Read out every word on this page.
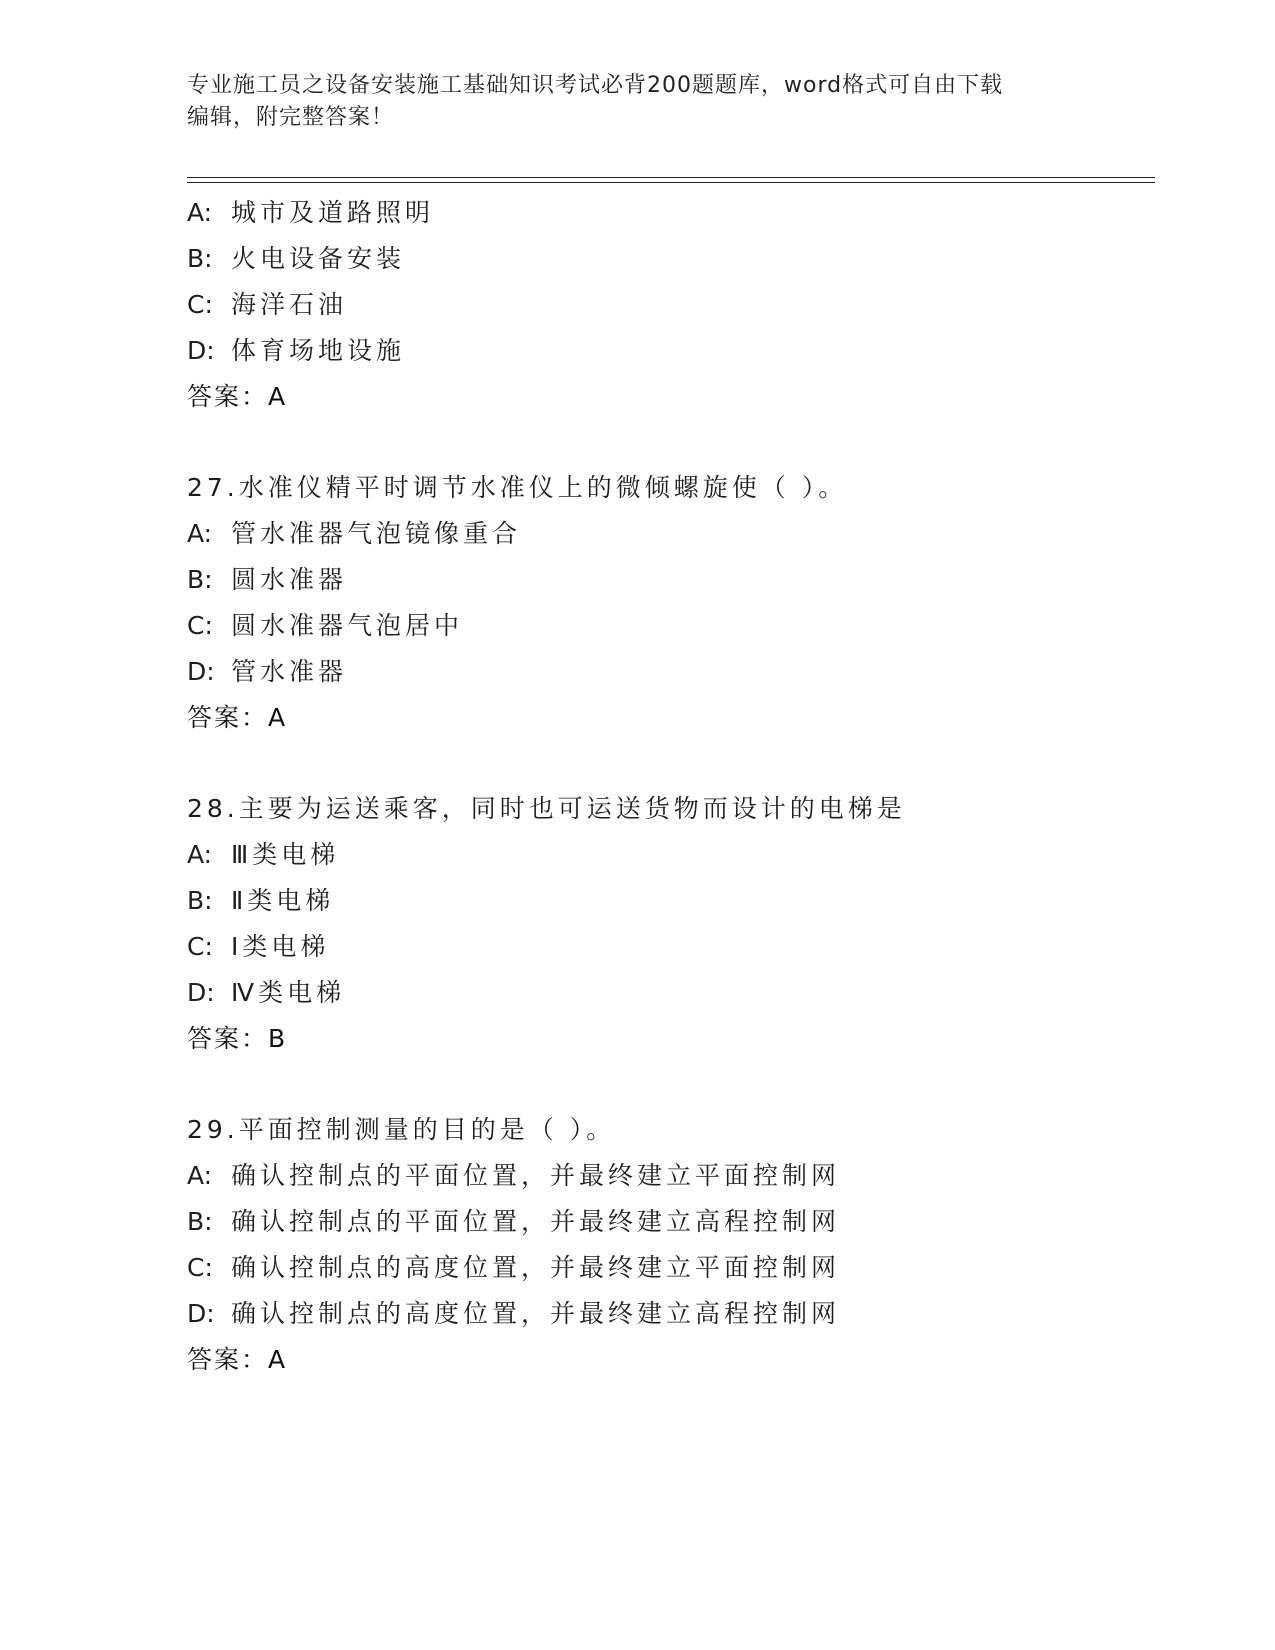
专业施工员之设备安装施工基础知识考试必背200题题库，word格式可自由下载
编辑，附完整答案！
A: 城市及道路照明
B: 火电设备安装
C: 海洋石油
D: 体育场地设施
答案：A
27.水准仪精平时调节水准仪上的微倾螺旋使（ ）。
A: 管水准器气泡镜像重合
B: 圆水准器
C: 圆水准器气泡居中
D: 管水准器
答案：A
28.主要为运送乘客，同时也可运送货物而设计的电梯是
A: Ⅲ类电梯
B: Ⅱ类电梯
C: Ⅰ类电梯
D: Ⅳ类电梯
答案：B
29.平面控制测量的目的是（ ）。
A: 确认控制点的平面位置，并最终建立平面控制网
B: 确认控制点的平面位置，并最终建立高程控制网
C: 确认控制点的高度位置，并最终建立平面控制网
D: 确认控制点的高度位置，并最终建立高程控制网
答案：A
